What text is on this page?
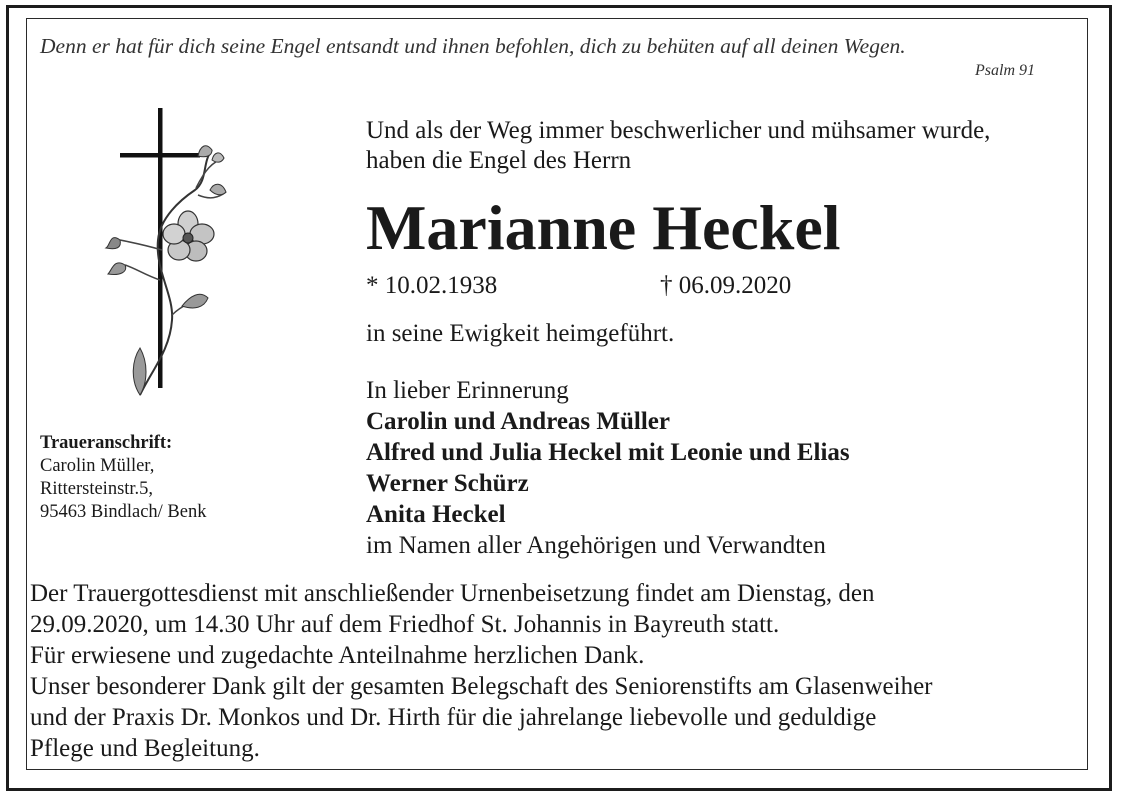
Denn er hat für dich seine Engel entsandt und ihnen befohlen, dich zu behüten auf all deinen Wegen.
Psalm 91
Und als der Weg immer beschwerlicher und mühsamer wurde,
haben die Engel des Herrn
Marianne Heckel
* 10.02.1938	† 06.09.2020
in seine Ewigkeit heimgeführt.
In lieber Erinnerung
Carolin und Andreas Müller
Alfred und Julia Heckel mit Leonie und Elias
Werner Schürz
Anita Heckel
im Namen aller Angehörigen und Verwandten
Traueranschrift:
Carolin Müller,
Rittersteinstr.5,
95463 Bindlach/ Benk
Der Trauergottesdienst mit anschließender Urnenbeisetzung findet am Dienstag, den
29.09.2020, um 14.30 Uhr auf dem Friedhof St. Johannis in Bayreuth statt.
Für erwiesene und zugedachte Anteilnahme herzlichen Dank.
Unser besonderer Dank gilt der gesamten Belegschaft des Seniorenstifts am Glasenweiher
und der Praxis Dr. Monkos und Dr. Hirth für die jahrelange liebevolle und geduldige
Pflege und Begleitung.
